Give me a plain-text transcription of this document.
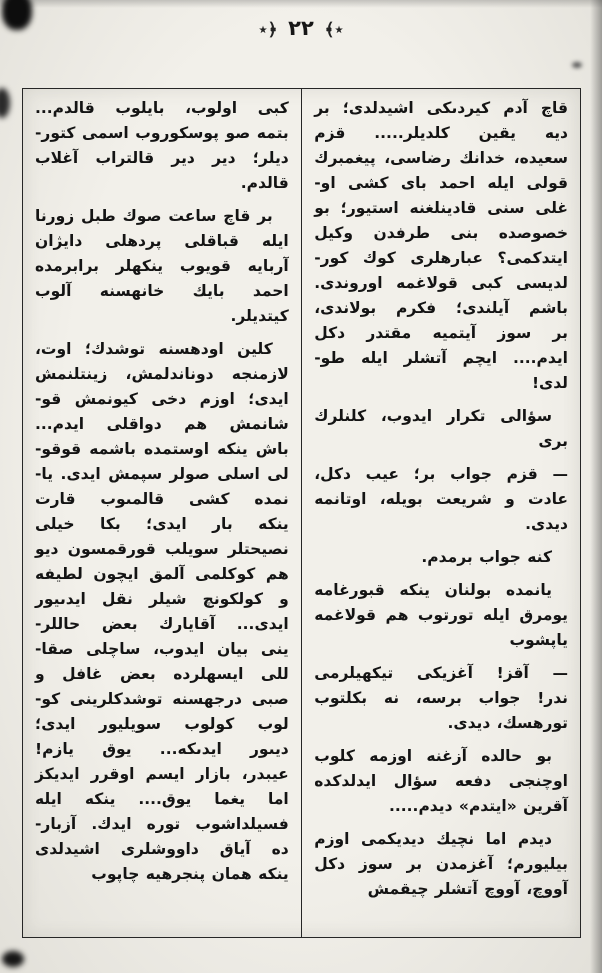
٭﴾ ٢٢ ﴿٭
قاچ آدم كيردىكى اشيدلدى؛ بر
ديه يقين كلديلر..... قزم
سعيده، خدانك رضاسى، پيغمبرك
قولى ايله احمد باى كشى او-
غلى سنى قادينلغنه استيور؛ بو
خصوصده بنى طرفدن وكيل
ايتدكمى؟ عبارهلرى كوك كور-
لديسى كبى قولاغمه اوروندى.
باشم آيلندى؛ فكرم بولاندى،
بر سوز آيتميه مقتدر دكل
ايدم.... ايچم آتشلر ايله طو-
لدى!
سؤالى تكرار ايدوب، كلنلرك
برى
— قزم جواب بر؛ عيب دكل،
عادت و شريعت بويله، اوتانمه
ديدى.
كنه جواب برمدم.
يانمده بولنان ينكه قبورغامه
يومرق ايله تورتوب هم قولاغمه
ياپشوب
— آقز! آغزيكى تيكهيلرمى
ندر! جواب برسه، نه بكلتوب
تورهسك، ديدى.
بو حالده آزغنه اوزمه كلوب
اوچنجى دفعه سؤال ايدلدكده
آقرين «ايتدم» ديدم.....
ديدم اما نچيك ديديكمى اوزم
بيليورم؛ آغزمدن بر سوز دكل
آووچ، آووچ آتشلر چيقمش
كبى اولوب، بايلوب قالدم...
بتمه صو پوسكوروب اسمى كتور-
ديلر؛ دير دير قالتراب آغلاب
قالدم.
بر قاچ ساعت صوك طبل زورنا
ايله قباقلى پردهلى دايژان
آربايه قويوب ينكهلر برابرمده
احمد بايك خانهسنه آلوب
كيتديلر.
كلين اودهسنه توشدك؛ اوت،
لازمنجه دوناندلمش، زينتلنمش
ايدى؛ اوزم دخى كيونمش قو-
شانمش هم دواقلى ايدم...
باش ينكه اوستمده باشمه قوقو-
لى اسلى صولر سپمش ايدى. يا-
نمده كشى قالمىوب قارت
ينكه بار ايدى؛ بكا خيلى
نصيحتلر سويلب قورقمسون ديو
هم كوكلمى آلمق ايچون لطيفه
و كولكونچ شيلر نقل ايدىيور
ايدى... آقايارك بعض حاللر-
ينى بيان ايدوب، ساچلى صقا-
للى ايسهلرده بعض غافل و
صبى درجهسنه توشدكلرينى كو-
لوب كولوب سويليور ايدى؛
ديىور ايدىكه... يوق يازم!
عيبدر، بازار ايسم اوقرر ايديكز
اما يغما يوق.... ينكه ايله
فسيلداشوب توره ايدك. آزبار-
ده آياق داووشلرى اشيدلدى
ينكه همان پنجرهيه چاپوب
